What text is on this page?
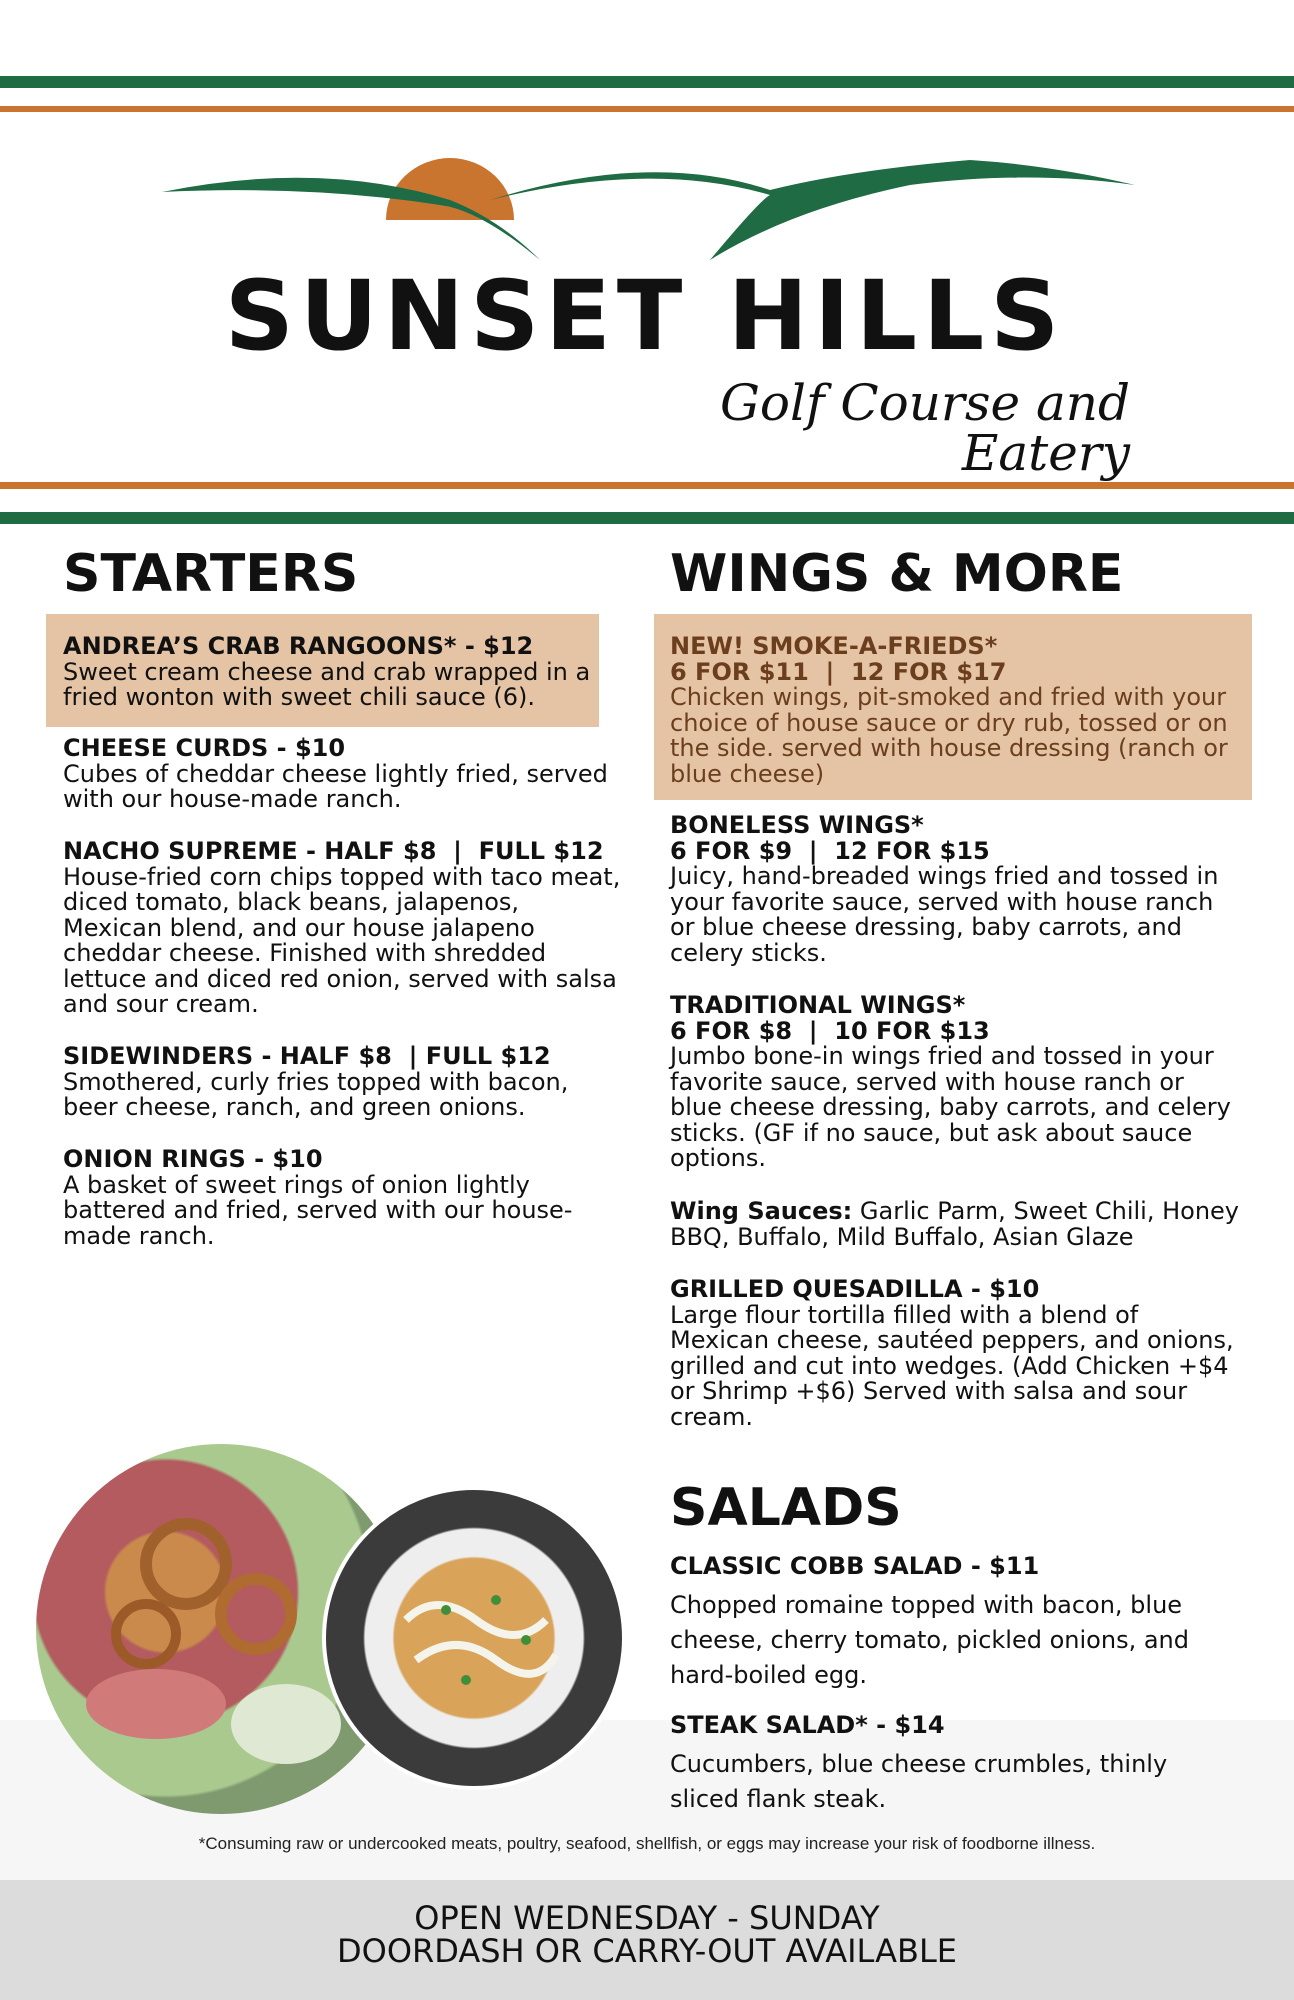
SUNSET HILLS
Golf Course and Eatery
STARTERS
ANDREA’S CRAB RANGOONS* - $12
Sweet cream cheese and crab wrapped in a fried wonton with sweet chili sauce (6).
CHEESE CURDS - $10
Cubes of cheddar cheese lightly fried, served with our house-made ranch.
NACHO SUPREME - HALF $8  |  FULL $12
House-fried corn chips topped with taco meat, diced tomato, black beans, jalapenos, Mexican blend, and our house jalapeno cheddar cheese. Finished with shredded lettuce and diced red onion, served with salsa and sour cream.
SIDEWINDERS - HALF $8  | FULL $12
Smothered, curly fries topped with bacon, beer cheese, ranch, and green onions.
ONION RINGS - $10
A basket of sweet rings of onion lightly battered and fried, served with our house-made ranch.
WINGS & MORE
NEW! SMOKE-A-FRIEDS*
6 FOR $11  |  12 FOR $17
Chicken wings, pit-smoked and fried with your choice of house sauce or dry rub, tossed or on the side. served with house dressing (ranch or blue cheese)
BONELESS WINGS*
6 FOR $9  |  12 FOR $15
Juicy, hand-breaded wings fried and tossed in your favorite sauce, served with house ranch or blue cheese dressing, baby carrots, and celery sticks.
TRADITIONAL WINGS*
6 FOR $8  |  10 FOR $13
Jumbo bone-in wings fried and tossed in your favorite sauce, served with house ranch or blue cheese dressing, baby carrots, and celery sticks. (GF if no sauce, but ask about sauce options.
Wing Sauces: Garlic Parm, Sweet Chili, Honey BBQ, Buffalo, Mild Buffalo, Asian Glaze
GRILLED QUESADILLA - $10
Large flour tortilla filled with a blend of Mexican cheese, sautéed peppers, and onions, grilled and cut into wedges. (Add Chicken +$4 or Shrimp +$6) Served with salsa and sour cream.
SALADS
CLASSIC COBB SALAD - $11
Chopped romaine topped with bacon, blue cheese, cherry tomato, pickled onions, and hard-boiled egg.
STEAK SALAD* - $14
Cucumbers, blue cheese crumbles, thinly sliced flank steak.
*Consuming raw or undercooked meats, poultry, seafood, shellfish, or eggs may increase your risk of foodborne illness.
OPEN WEDNESDAY - SUNDAY
DOORDASH OR CARRY-OUT AVAILABLE
